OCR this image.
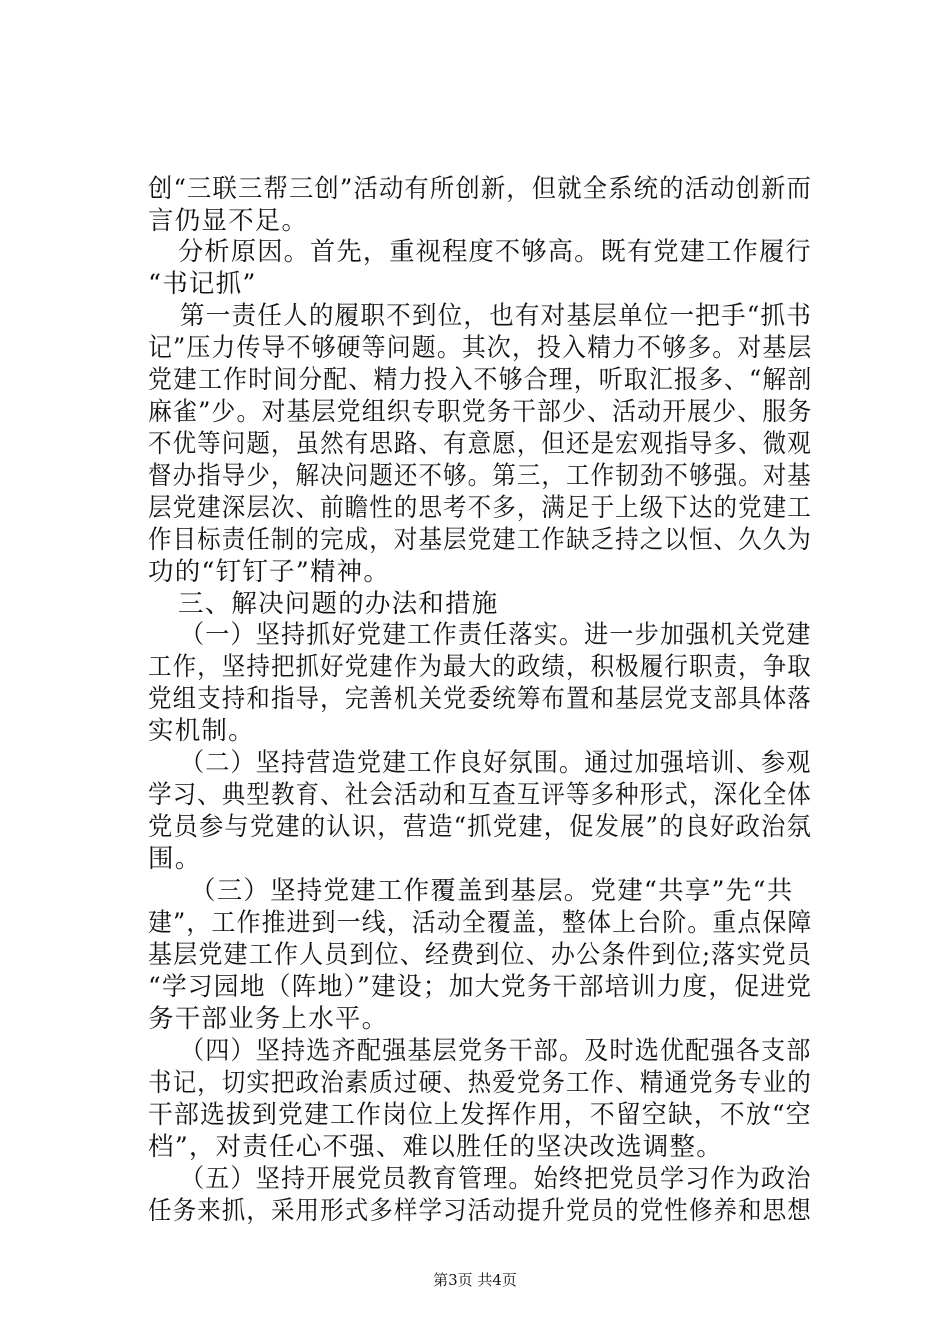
创“三联三帮三创”活动有所创新，但就全系统的活动创新而
言仍显不足。
分析原因。首先，重视程度不够高。既有党建工作履行
“书记抓”
第一责任人的履职不到位，也有对基层单位一把手“抓书
记”压力传导不够硬等问题。其次，投入精力不够多。对基层
党建工作时间分配、精力投入不够合理，听取汇报多、“解剖
麻雀”少。对基层党组织专职党务干部少、活动开展少、服务
不优等问题，虽然有思路、有意愿，但还是宏观指导多、微观
督办指导少，解决问题还不够。第三，工作韧劲不够强。对基
层党建深层次、前瞻性的思考不多，满足于上级下达的党建工
作目标责任制的完成，对基层党建工作缺乏持之以恒、久久为
功的“钉钉子”精神。
三、解决问题的办法和措施
（一）坚持抓好党建工作责任落实。进一步加强机关党建
工作，坚持把抓好党建作为最大的政绩，积极履行职责，争取
党组支持和指导，完善机关党委统筹布置和基层党支部具体落
实机制。
（二）坚持营造党建工作良好氛围。通过加强培训、参观
学习、典型教育、社会活动和互查互评等多种形式，深化全体
党员参与党建的认识，营造“抓党建，促发展”的良好政治氛
围。
（三）坚持党建工作覆盖到基层。党建“共享”先“共
建”，工作推进到一线，活动全覆盖，整体上台阶。重点保障
基层党建工作人员到位、经费到位、办公条件到位;落实党员
“学习园地（阵地）”建设；加大党务干部培训力度，促进党
务干部业务上水平。
（四）坚持选齐配强基层党务干部。及时选优配强各支部
书记，切实把政治素质过硬、热爱党务工作、精通党务专业的
干部选拔到党建工作岗位上发挥作用，不留空缺，不放“空
档”，对责任心不强、难以胜任的坚决改选调整。
（五）坚持开展党员教育管理。始终把党员学习作为政治
任务来抓，采用形式多样学习活动提升党员的党性修养和思想
第3页 共4页
